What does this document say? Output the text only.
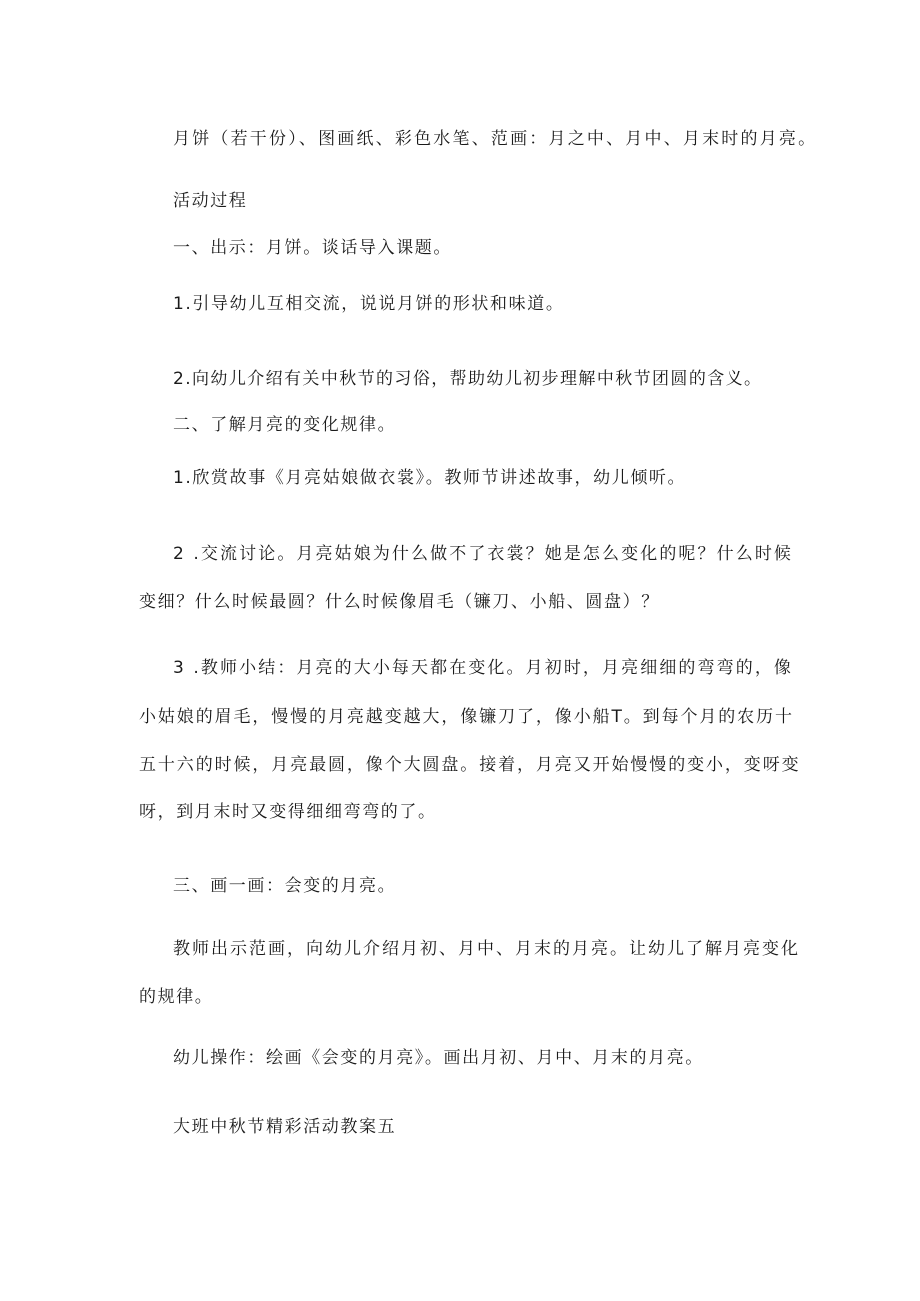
月饼（若干份）、图画纸、彩色水笔、范画：月之中、月中、月末时的月亮。
活动过程
一、出示：月饼。谈话导入课题。
1.引导幼儿互相交流，说说月饼的形状和味道。
2.向幼儿介绍有关中秋节的习俗，帮助幼儿初步理解中秋节团圆的含义。
二、了解月亮的变化规律。
1.欣赏故事《月亮姑娘做衣裳》。教师节讲述故事，幼儿倾听。
2 .交流讨论。月亮姑娘为什么做不了衣裳？她是怎么变化的呢？什么时候
变细？什么时候最圆？什么时候像眉毛（镰刀、小船、圆盘）？
3 .教师小结：月亮的大小每天都在变化。月初时，月亮细细的弯弯的，像
小姑娘的眉毛，慢慢的月亮越变越大，像镰刀了，像小船T。到每个月的农历十
五十六的时候，月亮最圆，像个大圆盘。接着，月亮又开始慢慢的变小，变呀变
呀，到月末时又变得细细弯弯的了。
三、画一画：会变的月亮。
教师出示范画，向幼儿介绍月初、月中、月末的月亮。让幼儿了解月亮变化
的规律。
幼儿操作：绘画《会变的月亮》。画出月初、月中、月末的月亮。
大班中秋节精彩活动教案五
